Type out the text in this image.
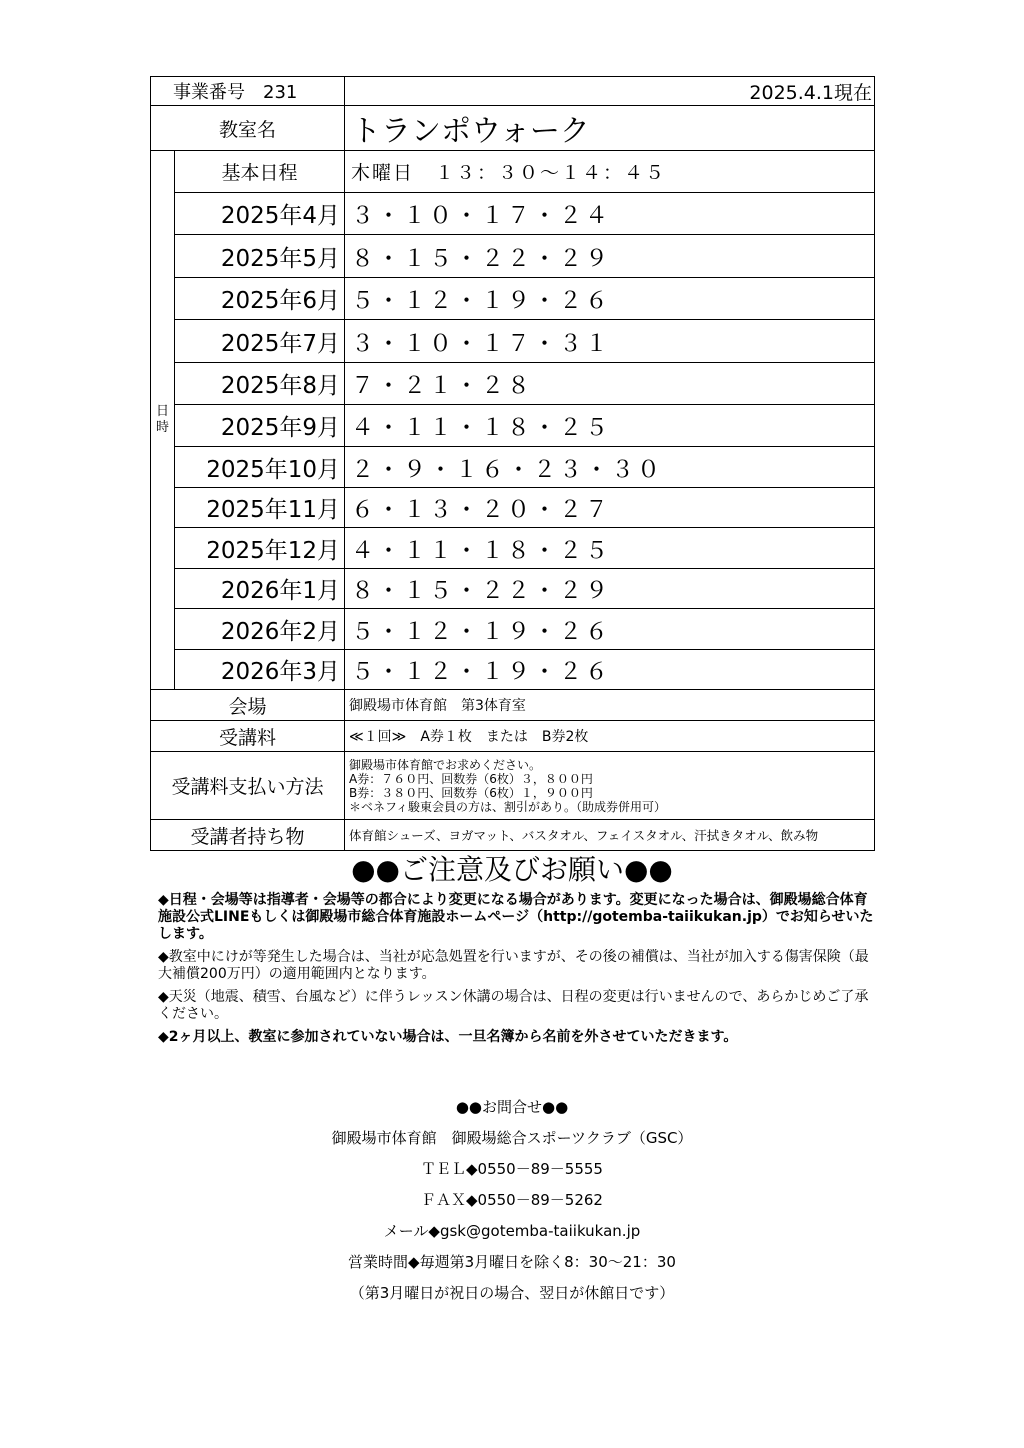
事業番号　231		2025.4.1現在
教室名		トランポウォーク
日時	基本日程	木曜日　１３：３０～１４：４５
	2025年4月	３・１０・１７・２４
	2025年5月	８・１５・２２・２９
	2025年6月	５・１２・１９・２６
	2025年7月	３・１０・１７・３１
	2025年8月	７・２１・２８
	2025年9月	４・１１・１８・２５
	2025年10月	２・９・１６・２３・３０
	2025年11月	６・１３・２０・２７
	2025年12月	４・１１・１８・２５
	2026年1月	８・１５・２２・２９
	2026年2月	５・１２・１９・２６
	2026年3月	５・１２・１９・２６
会場		御殿場市体育館　第3体育室
受講料		≪１回≫　A券１枚　または　B券2枚
受講料支払い方法		御殿場市体育館でお求めください。
A券：７６０円、回数券（6枚）３，８００円
B券：３８０円、回数券（6枚）１，９００円
＊ベネフィ駿東会員の方は、割引があり。（助成券併用可）

受講者持ち物		体育館シューズ、ヨガマット、バスタオル、フェイスタオル、汗拭きタオル、飲み物
●●ご注意及びお願い●●

◆日程・会場等は指導者・会場等の都合により変更になる場合があります。変更になった場合は、御殿場総合体育施設公式LINEもしくは御殿場市総合体育施設ホームページ（http://gotemba-taiikukan.jp）でお知らせいたします。

◆教室中にけが等発生した場合は、当社が応急処置を行いますが、その後の補償は、当社が加入する傷害保険（最大補償200万円）の適用範囲内となります。

◆天災（地震、積雪、台風など）に伴うレッスン休講の場合は、日程の変更は行いませんので、あらかじめご了承ください。

◆2ヶ月以上、教室に参加されていない場合は、一旦名簿から名前を外させていただきます。

●●お問合せ●●
御殿場市体育館　御殿場総合スポーツクラブ（GSC）
ＴＥＬ◆0550－89－5555
ＦＡＸ◆0550－89－5262
メール◆gsk@gotemba-taiikukan.jp
営業時間◆毎週第3月曜日を除く8：30～21：30
（第3月曜日が祝日の場合、翌日が休館日です）
